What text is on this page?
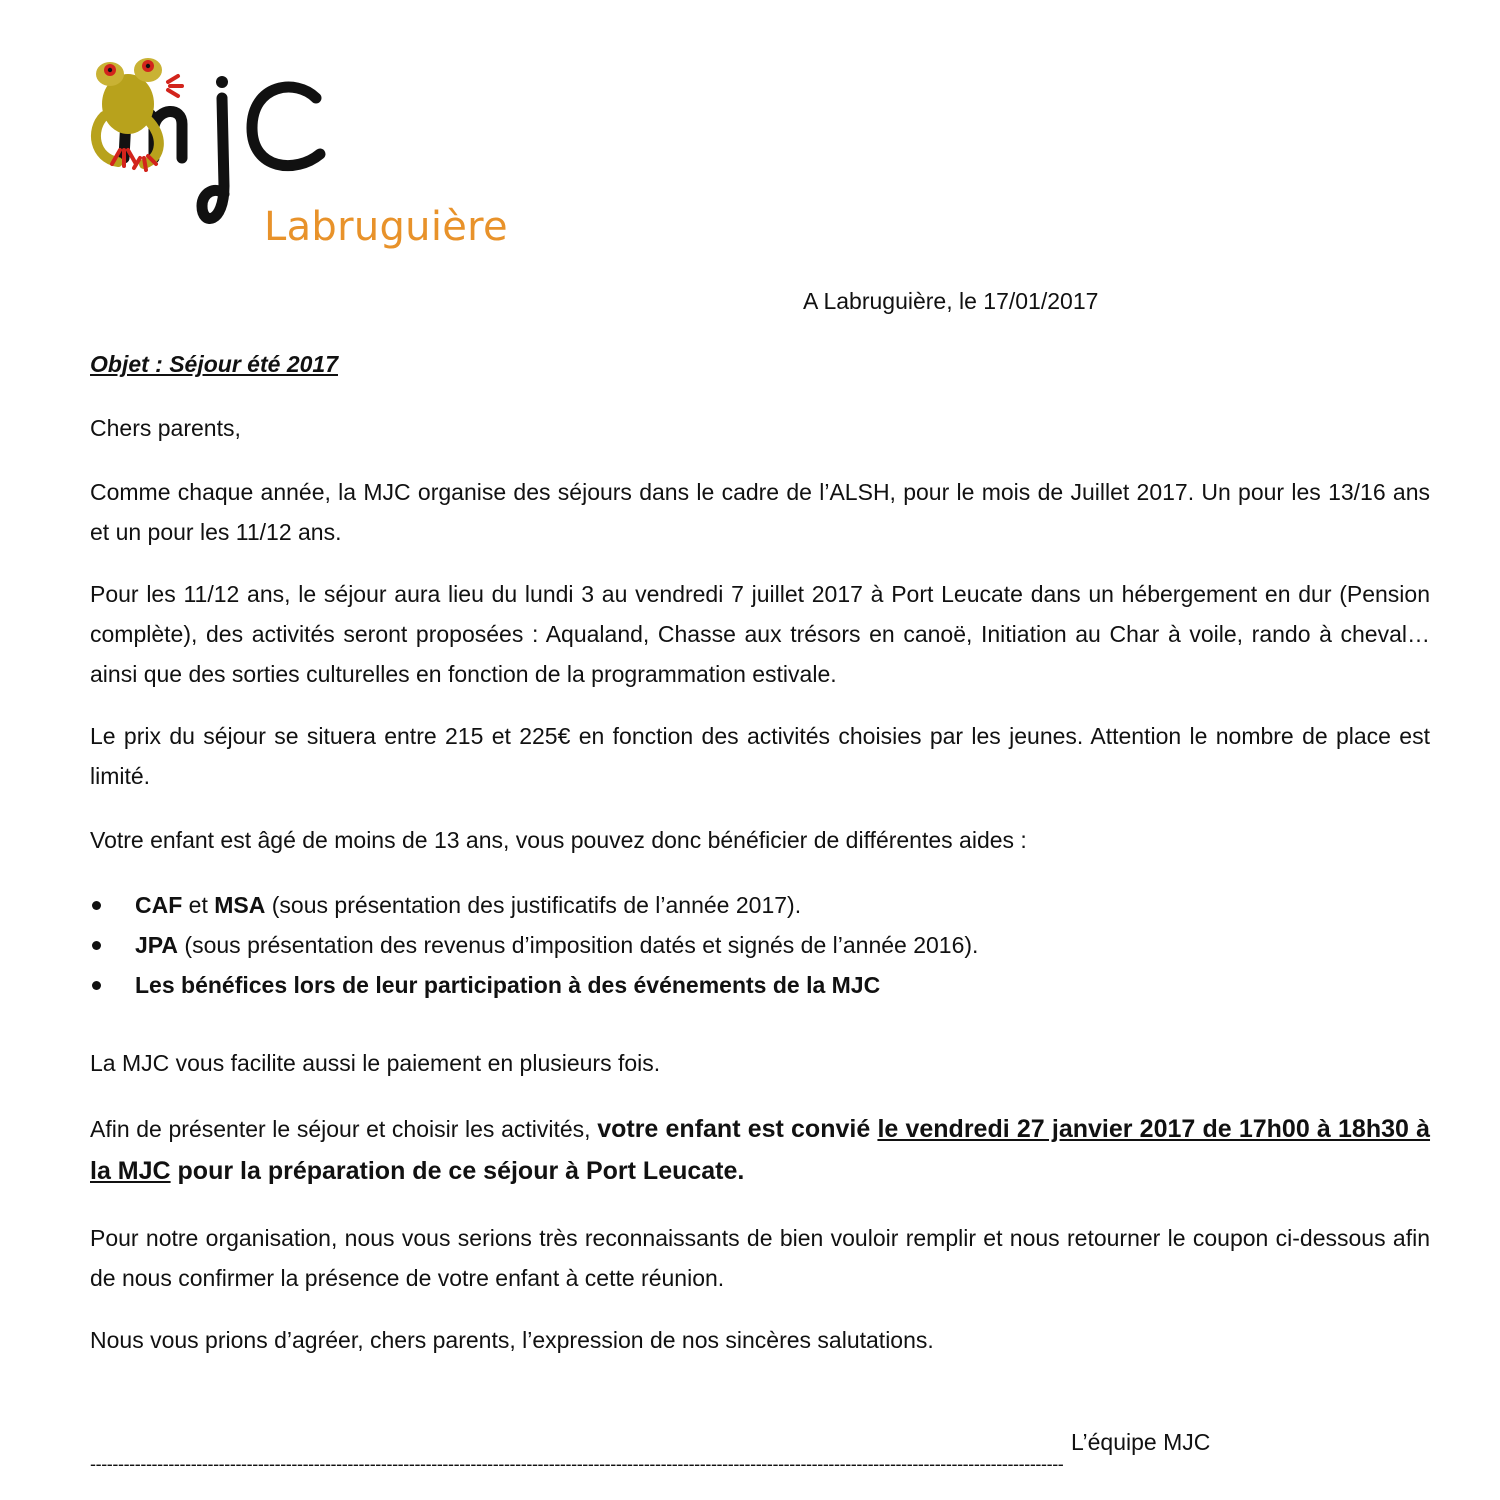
Labruguière
A Labruguière, le 17/01/2017
Objet : Séjour été 2017

Chers parents,

Comme chaque année, la MJC organise des séjours dans le cadre de l’ALSH, pour le mois de Juillet 2017. Un pour les 13/16 ans et un pour les 11/12 ans.

Pour les 11/12 ans, le séjour aura lieu du lundi 3 au vendredi 7 juillet 2017 à Port Leucate dans un hébergement en dur (Pension complète), des activités seront proposées : Aqualand, Chasse aux trésors en canoë, Initiation au Char à voile, rando à cheval…ainsi que des sorties culturelles en fonction de la programmation estivale.

Le prix du séjour se situera entre 215 et 225€ en fonction des activités choisies par les jeunes. Attention le nombre de place est limité.

Votre enfant est âgé de moins de 13 ans, vous pouvez donc bénéficier de différentes aides :

CAF et MSA (sous présentation des justificatifs de l’année 2017).
JPA (sous présentation des revenus d’imposition datés et signés de l’année 2016).
Les bénéfices lors de leur participation à des événements de la MJC

La MJC vous facilite aussi le paiement en plusieurs fois.

Afin de présenter le séjour et choisir les activités, votre enfant est convié le vendredi 27 janvier 2017 de 17h00 à 18h30 à la MJC pour la préparation de ce séjour à Port Leucate.

Pour notre organisation, nous vous serions très reconnaissants de bien vouloir remplir et nous retourner le coupon ci-dessous afin de nous confirmer la présence de votre enfant à cette réunion.

Nous vous prions d’agréer, chers parents, l’expression de nos sincères salutations.

L’équipe MJC
------------------------------------------------------------------------------------------------------------------------------------------------------------------------------
